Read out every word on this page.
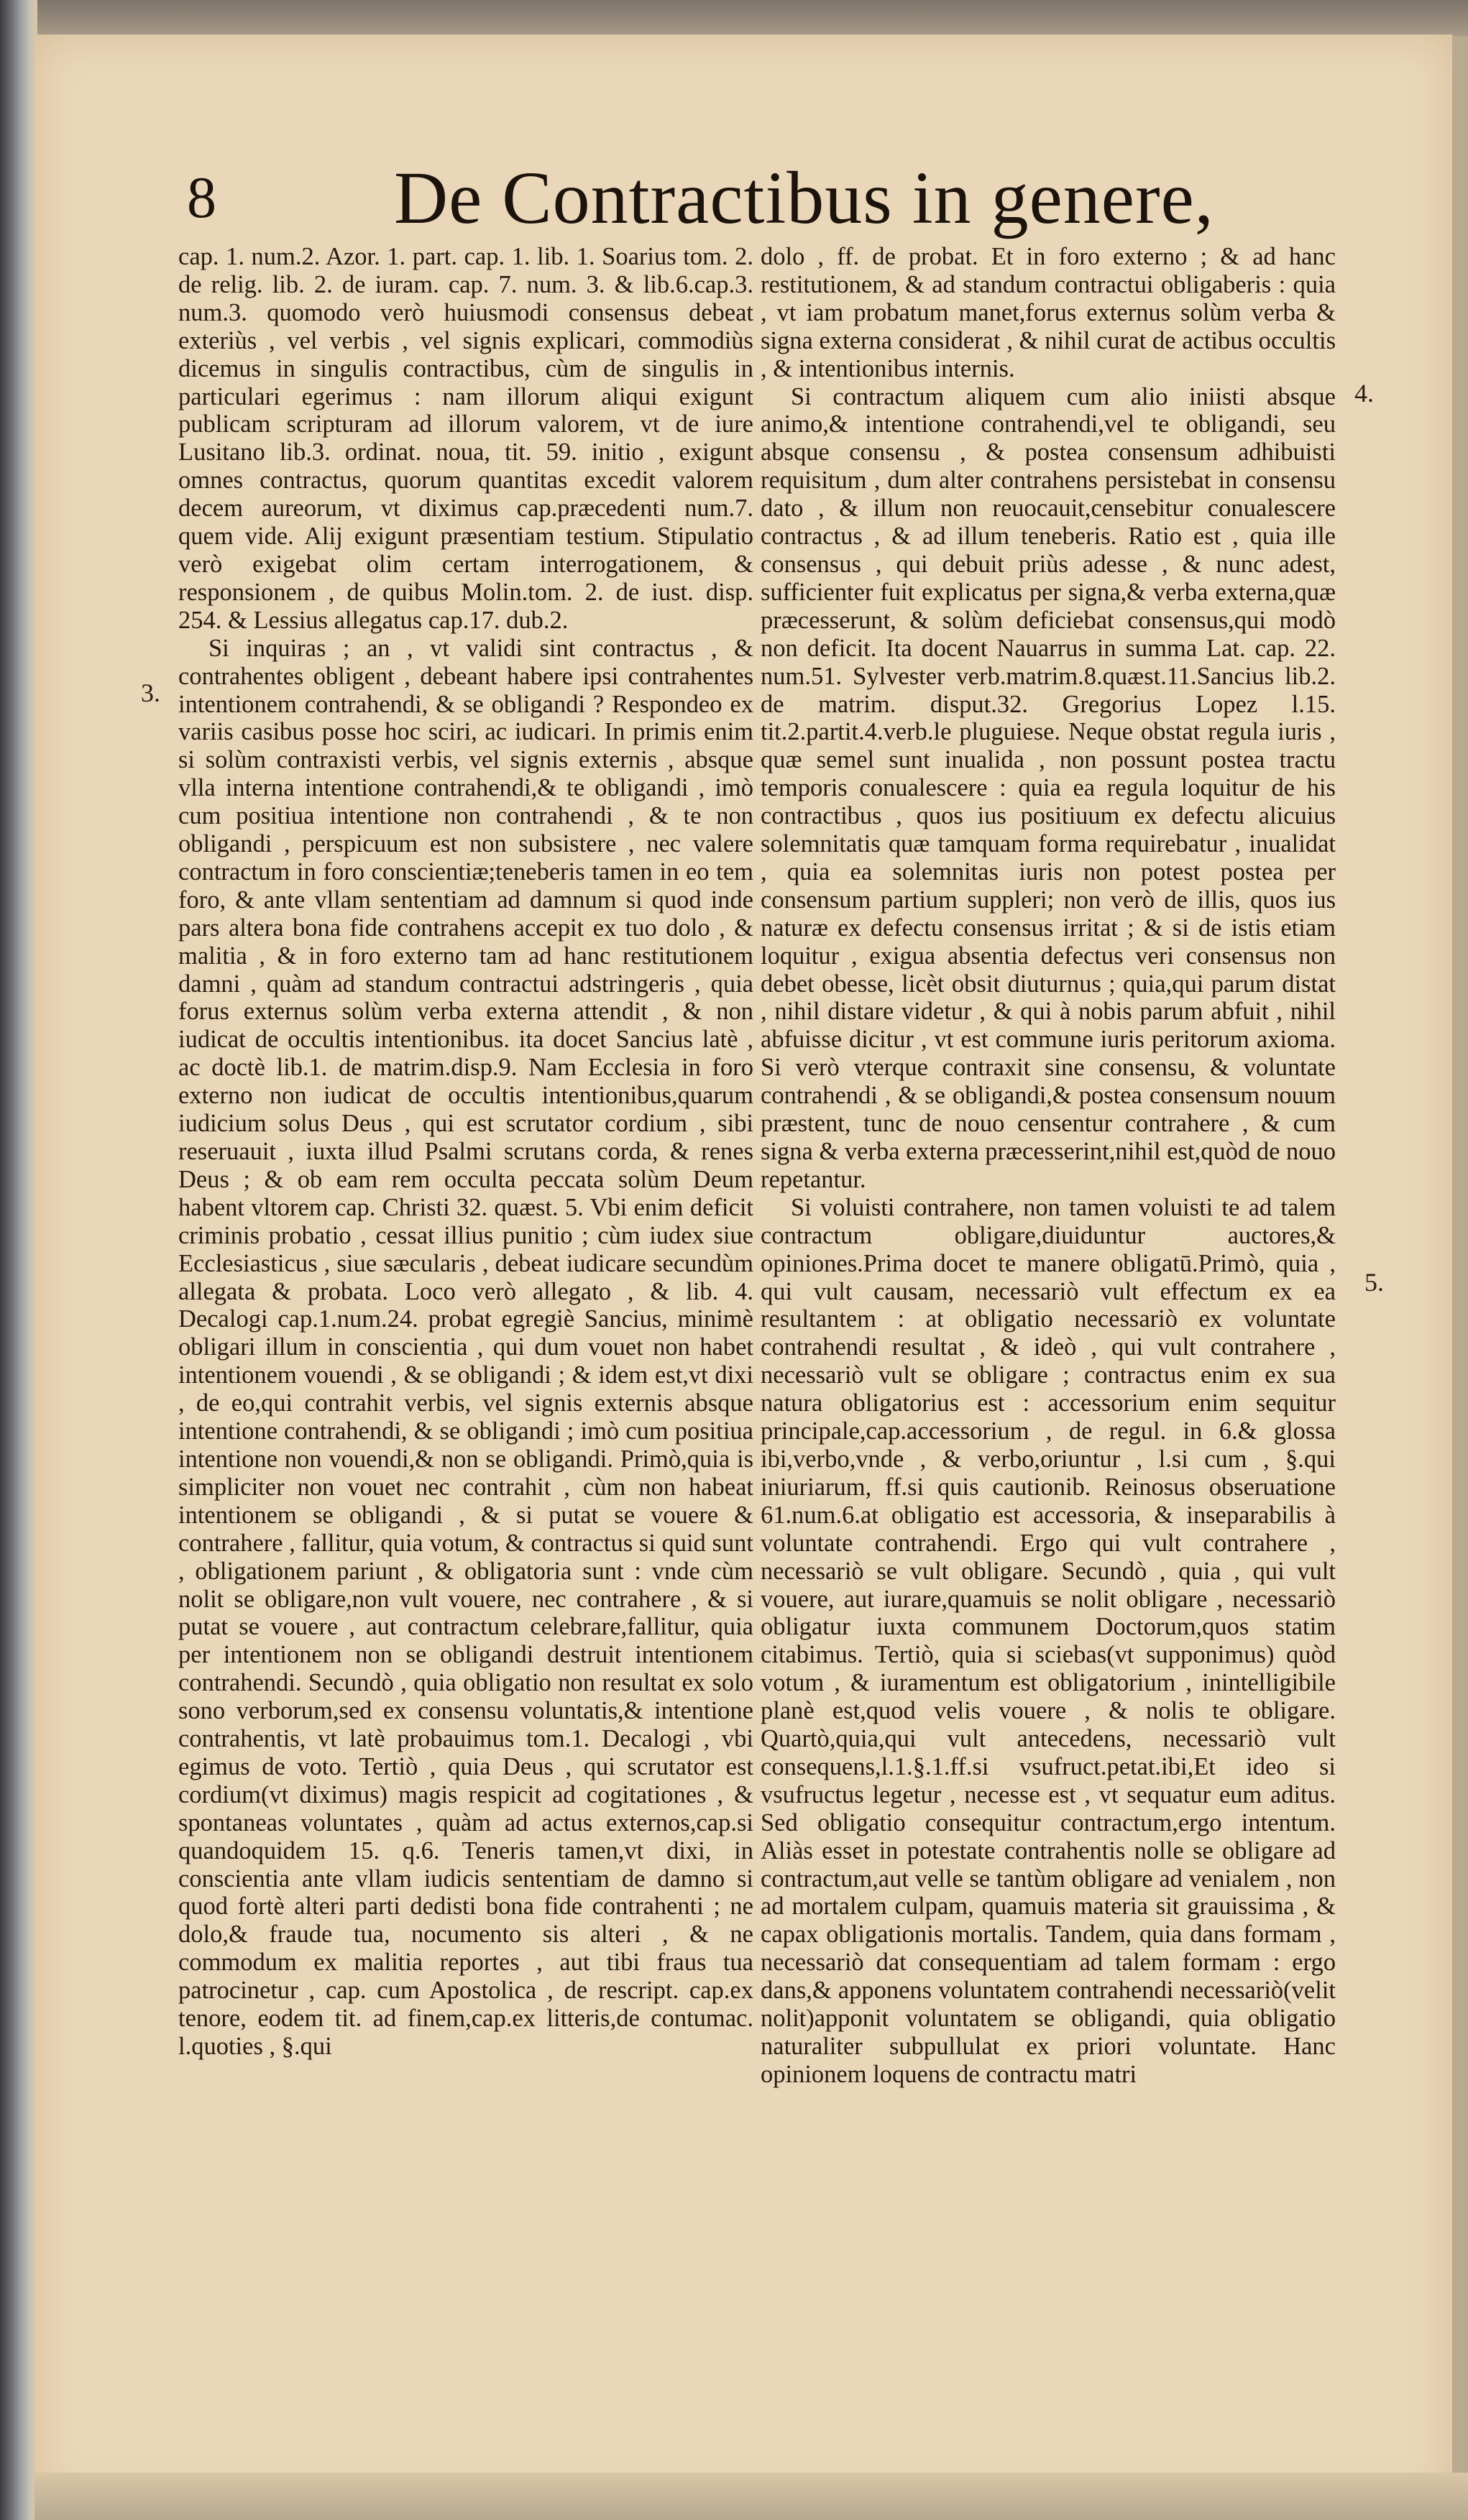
8 De Contractibus in genere,

cap. 1. num.2. Azor. 1. part. cap. 1. lib. 1. Soarius tom. 2. de relig. lib. 2. de iuram. cap. 7. num. 3. & lib.6.cap.3. num.3. quomodo verò huiusmodi consensus debeat exteriùs , vel verbis , vel signis explicari, commodiùs dicemus in singulis contractibus, cùm de singulis in particulari egerimus : nam illorum aliqui exigunt publicam scripturam ad illorum valorem, vt de iure Lusitano lib.3. ordinat. noua, tit. 59. initio , exigunt omnes contractus, quorum quantitas excedit valorem decem aureorum, vt diximus cap.præcedenti num.7. quem vide. Alij exigunt præsentiam testium. Stipulatio verò exigebat olim certam interrogationem, & responsionem , de quibus Molin.tom. 2. de iust. disp. 254. & Lessius allegatus cap.17. dub.2.

Si inquiras ; an , vt validi sint contractus , & contrahentes obligent , debeant habere ipsi contrahentes intentionem contrahendi, & se obligandi ? Respondeo ex variis casibus posse hoc sciri, ac iudicari. In primis enim si solùm contraxisti verbis, vel signis externis , absque vlla interna intentione contrahendi,& te obligandi , imò cum positiua intentione non contrahendi , & te non obligandi , perspicuum est non subsistere , nec valere contractum in foro conscientiæ;teneberis tamen in eo tem foro, & ante vllam sententiam ad damnum si quod inde pars altera bona fide contrahens accepit ex tuo dolo , & malitia , & in foro externo tam ad hanc restitutionem damni , quàm ad standum contractui adstringeris , quia forus externus solùm verba externa attendit , & non iudicat de occultis intentionibus. ita docet Sancius latè , ac doctè lib.1. de matrim.disp.9. Nam Ecclesia in foro externo non iudicat de occultis intentionibus,quarum iudicium solus Deus , qui est scrutator cordium , sibi reseruauit , iuxta illud Psalmi scrutans corda, & renes Deus ; & ob eam rem occulta peccata solùm Deum habent vltorem cap. Christi 32. quæst. 5. Vbi enim deficit criminis probatio , cessat illius punitio ; cùm iudex siue Ecclesiasticus , siue sæcularis , debeat iudicare secundùm allegata & probata. Loco verò allegato , & lib. 4. Decalogi cap.1.num.24. probat egregiè Sancius, minimè obligari illum in conscientia , qui dum vouet non habet intentionem vouendi , & se obligandi ; & idem est,vt dixi , de eo,qui contrahit verbis, vel signis externis absque intentione contrahendi, & se obligandi ; imò cum positiua intentione non vouendi,& non se obligandi. Primò,quia is simpliciter non vouet nec contrahit , cùm non habeat intentionem se obligandi , & si putat se vouere & contrahere , fallitur, quia votum, & contractus si quid sunt , obligationem pariunt , & obligatoria sunt : vnde cùm nolit se obligare,non vult vouere, nec contrahere , & si putat se vouere , aut contractum celebrare,fallitur, quia per intentionem non se obligandi destruit intentionem contrahendi. Secundò , quia obligatio non resultat ex solo sono verborum,sed ex consensu voluntatis,& intentione contrahentis, vt latè probauimus tom.1. Decalogi , vbi egimus de voto. Tertiò , quia Deus , qui scrutator est cordium(vt diximus) magis respicit ad cogitationes , & spontaneas voluntates , quàm ad actus externos,cap.si quandoquidem 15. q.6. Teneris tamen,vt dixi, in conscientia ante vllam iudicis sententiam de damno si quod fortè alteri parti dedisti bona fide contrahenti ; ne dolo,& fraude tua, nocumento sis alteri , & ne commodum ex malitia reportes , aut tibi fraus tua patrocinetur , cap. cum Apostolica , de rescript. cap.ex tenore, eodem tit. ad finem,cap.ex litteris,de contumac. l.quoties , §.qui

dolo , ff. de probat. Et in foro externo ; & ad hanc restitutionem, & ad standum contractui obligaberis : quia , vt iam probatum manet,forus externus solùm verba & signa externa considerat , & nihil curat de actibus occultis , & intentionibus internis.

Si contractum aliquem cum alio iniisti absque animo,& intentione contrahendi,vel te obligandi, seu absque consensu , & postea consensum adhibuisti requisitum , dum alter contrahens persistebat in consensu dato , & illum non reuocauit,censebitur conualescere contractus , & ad illum teneberis. Ratio est , quia ille consensus , qui debuit priùs adesse , & nunc adest, sufficienter fuit explicatus per signa,& verba externa,quæ præcesserunt, & solùm deficiebat consensus,qui modò non deficit. Ita docent Nauarrus in summa Lat. cap. 22. num.51. Sylvester verb.matrim.8.quæst.11.Sancius lib.2. de matrim. disput.32. Gregorius Lopez l.15. tit.2.partit.4.verb.le pluguiese. Neque obstat regula iuris , quæ semel sunt inualida , non possunt postea tractu temporis conualescere : quia ea regula loquitur de his contractibus , quos ius positiuum ex defectu alicuius solemnitatis quæ tamquam forma requirebatur , inualidat , quia ea solemnitas iuris non potest postea per consensum partium suppleri; non verò de illis, quos ius naturæ ex defectu consensus irritat ; & si de istis etiam loquitur , exigua absentia defectus veri consensus non debet obesse, licèt obsit diuturnus ; quia,qui parum distat , nihil distare videtur , & qui à nobis parum abfuit , nihil abfuisse dicitur , vt est commune iuris peritorum axioma. Si verò vterque contraxit sine consensu, & voluntate contrahendi , & se obligandi,& postea consensum nouum præstent, tunc de nouo censentur contrahere , & cum signa & verba externa præcesserint,nihil est,quòd de nouo repetantur.

Si voluisti contrahere, non tamen voluisti te ad talem contractum obligare,diuiduntur auctores,& opiniones.Prima docet te manere obligatū.Primò, quia , qui vult causam, necessariò vult effectum ex ea resultantem : at obligatio necessariò ex voluntate contrahendi resultat , & ideò , qui vult contrahere , necessariò vult se obligare ; contractus enim ex sua natura obligatorius est : accessorium enim sequitur principale,cap.accessorium , de regul. in 6.& glossa ibi,verbo,vnde , & verbo,oriuntur , l.si cum , §.qui iniuriarum, ff.si quis cautionib. Reinosus obseruatione 61.num.6.at obligatio est accessoria, & inseparabilis à voluntate contrahendi. Ergo qui vult contrahere , necessariò se vult obligare. Secundò , quia , qui vult vouere, aut iurare,quamuis se nolit obligare , necessariò obligatur iuxta communem Doctorum,quos statim citabimus. Tertiò, quia si sciebas(vt supponimus) quòd votum , & iuramentum est obligatorium , inintelligibile planè est,quod velis vouere , & nolis te obligare. Quartò,quia,qui vult antecedens, necessariò vult consequens,l.1.§.1.ff.si vsufruct.petat.ibi,Et ideo si vsufructus legetur , necesse est , vt sequatur eum aditus. Sed obligatio consequitur contractum,ergo intentum. Aliàs esset in potestate contrahentis nolle se obligare ad contractum,aut velle se tantùm obligare ad venialem , non ad mortalem culpam, quamuis materia sit grauissima , & capax obligationis mortalis. Tandem, quia dans formam , necessariò dat consequentiam ad talem formam : ergo dans,& apponens voluntatem contrahendi necessariò(velit nolit)apponit voluntatem se obligandi, quia obligatio naturaliter subpullulat ex priori voluntate. Hanc opinionem loquens de contractu matri

3.
4.
5.
